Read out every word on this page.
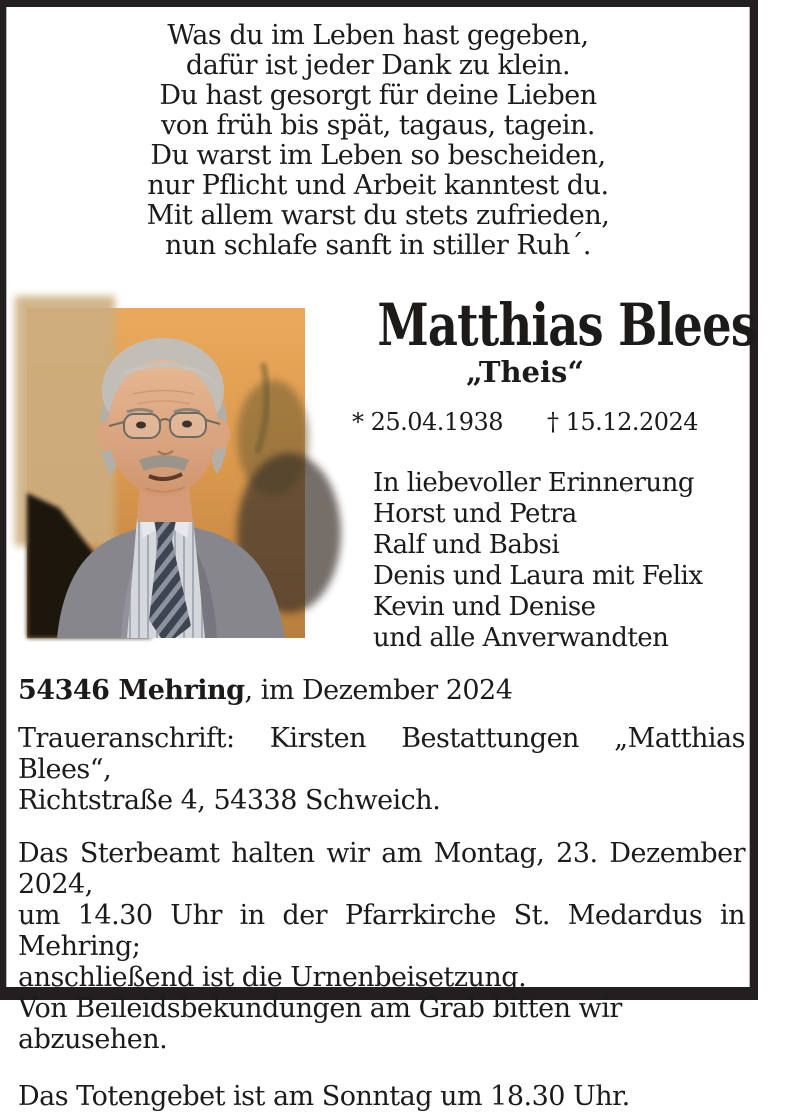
Was du im Leben hast gegeben,
dafür ist jeder Dank zu klein.
Du hast gesorgt für deine Lieben
von früh bis spät, tagaus, tagein.
Du warst im Leben so bescheiden,
nur Pflicht und Arbeit kanntest du.
Mit allem warst du stets zufrieden,
nun schlafe sanft in stiller Ruh´.
Matthias Blees
„Theis“
* 25.04.1938 † 15.12.2024
In liebevoller Erinnerung
Horst und Petra
Ralf und Babsi
Denis und Laura mit Felix
Kevin und Denise
und alle Anverwandten
54346 Mehring, im Dezember 2024
Traueranschrift: Kirsten Bestattungen „Matthias Blees“,
Richtstraße 4, 54338 Schweich.
Das Sterbeamt halten wir am Montag, 23. Dezember 2024,
um 14.30 Uhr in der Pfarrkirche St. Medardus in Mehring;
anschließend ist die Urnenbeisetzung.
Von Beileidsbekundungen am Grab bitten wir abzusehen.
Das Totengebet ist am Sonntag um 18.30 Uhr.
